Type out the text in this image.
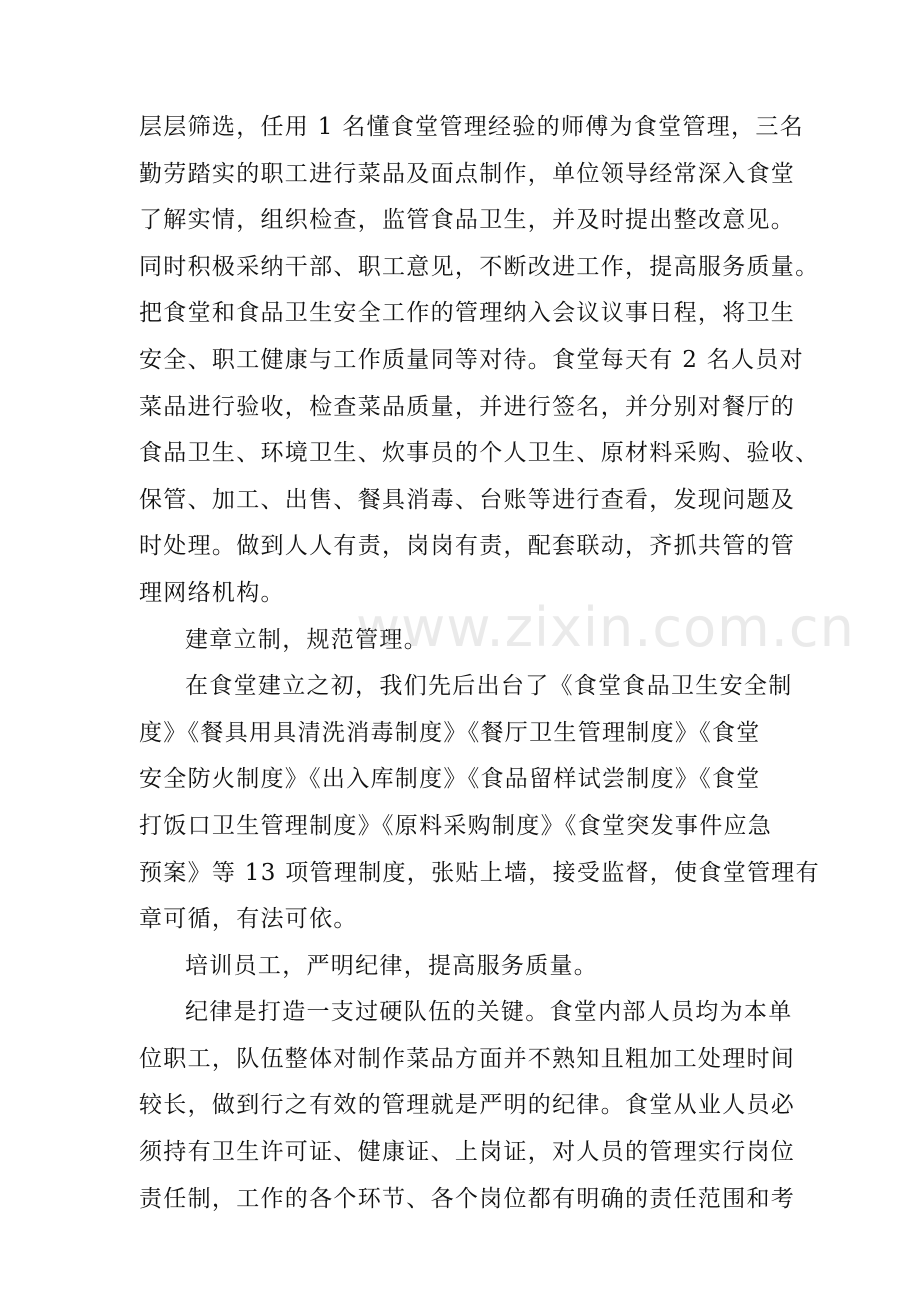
层层筛选，任用 1 名懂食堂管理经验的师傅为食堂管理，三名
勤劳踏实的职工进行菜品及面点制作，单位领导经常深入食堂
了解实情，组织检查，监管食品卫生，并及时提出整改意见。
同时积极采纳干部、职工意见，不断改进工作，提高服务质量。
把食堂和食品卫生安全工作的管理纳入会议议事日程，将卫生
安全、职工健康与工作质量同等对待。食堂每天有 2 名人员对
菜品进行验收，检查菜品质量，并进行签名，并分别对餐厅的
食品卫生、环境卫生、炊事员的个人卫生、原材料采购、验收、
保管、加工、出售、餐具消毒、台账等进行查看，发现问题及
时处理。做到人人有责，岗岗有责，配套联动，齐抓共管的管
理网络机构。
建章立制，规范管理。
在食堂建立之初，我们先后出台了《食堂食品卫生安全制
度》《餐具用具清洗消毒制度》《餐厅卫生管理制度》《食堂
安全防火制度》《出入库制度》《食品留样试尝制度》《食堂
打饭口卫生管理制度》《原料采购制度》《食堂突发事件应急
预案》等 13 项管理制度，张贴上墙，接受监督，使食堂管理有
章可循，有法可依。
培训员工，严明纪律，提高服务质量。
纪律是打造一支过硬队伍的关键。食堂内部人员均为本单
位职工，队伍整体对制作菜品方面并不熟知且粗加工处理时间
较长，做到行之有效的管理就是严明的纪律。食堂从业人员必
须持有卫生许可证、健康证、上岗证，对人员的管理实行岗位
责任制，工作的各个环节、各个岗位都有明确的责任范围和考
www.zixin.com.cn
